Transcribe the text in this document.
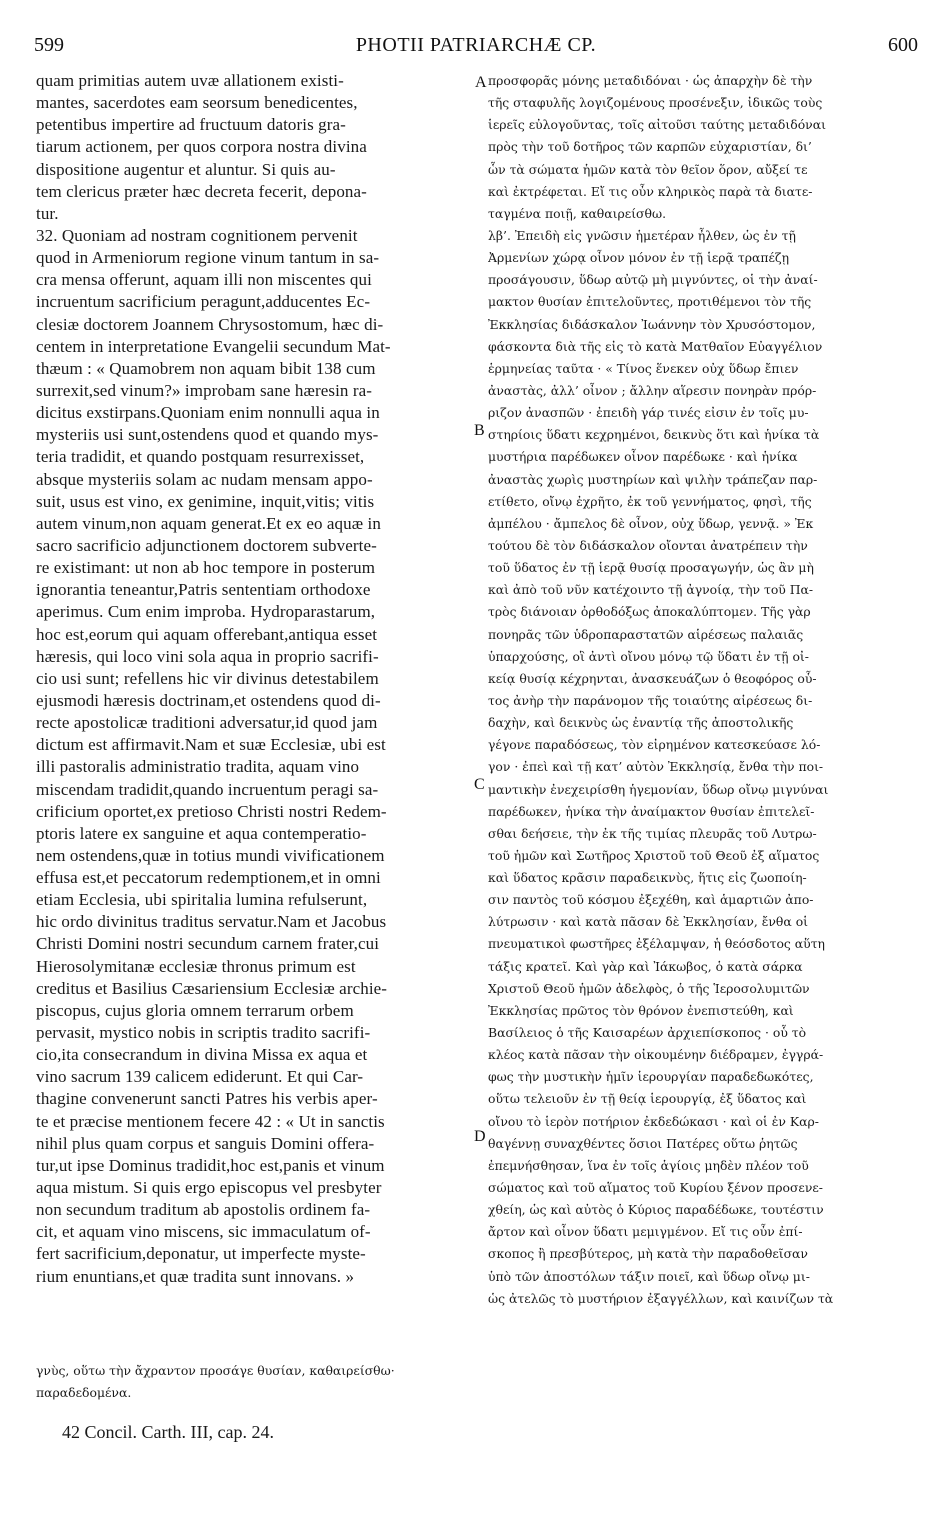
599	PHOTII PATRIARCHÆ CP.	600
quam primitias autem uvæ allationem existi-
mantes, sacerdotes eam seorsum benedicentes,
petentibus impertire ad fructuum datoris gra-
tiarum actionem, per quos corpora nostra divina
dispositione augentur et aluntur. Si quis au-
tem clericus præter hæc decreta fecerit, depona-
tur.
32. Quoniam ad nostram cognitionem pervenit
quod in Armeniorum regione vinum tantum in sa-
cra mensa offerunt, aquam illi non miscentes qui
incruentum sacrificium peragunt,adducentes Ec-
clesiæ doctorem Joannem Chrysostomum, hæc di-
centem in interpretatione Evangelii secundum Mat-
thæum : « Quamobrem non aquam bibit 138 cum
surrexit,sed vinum?» improbam sane hæresin ra-
dicitus exstirpans.Quoniam enim nonnulli aqua in
mysteriis usi sunt,ostendens quod et quando mys-
teria tradidit, et quando postquam resurrexisset,
absque mysteriis solam ac nudam mensam appo-
suit, usus est vino, ex genimine, inquit,vitis; vitis
autem vinum,non aquam generat.Et ex eo aquæ in
sacro sacrificio adjunctionem doctorem subverte-
re existimant: ut non ab hoc tempore in posterum
ignorantia teneantur,Patris sententiam orthodoxe
aperimus. Cum enim improba. Hydroparastarum,
hoc est,eorum qui aquam offerebant,antiqua esset
hæresis, qui loco vini sola aqua in proprio sacrifi-
cio usi sunt; refellens hic vir divinus detestabilem
ejusmodi hæresis doctrinam,et ostendens quod di-
recte apostolicæ traditioni adversatur,id quod jam
dictum est affirmavit.Nam et suæ Ecclesiæ, ubi est
illi pastoralis administratio tradita, aquam vino
miscendam tradidit,quando incruentum peragi sa-
crificium oportet,ex pretioso Christi nostri Redem-
ptoris latere ex sanguine et aqua contemperatio-
nem ostendens,quæ in totius mundi vivificationem
effusa est,et peccatorum redemptionem,et in omni
etiam Ecclesia, ubi spiritalia lumina refulserunt,
hic ordo divinitus traditus servatur.Nam et Jacobus
Christi Domini nostri secundum carnem frater,cui
Hierosolymitanæ ecclesiæ thronus primum est
creditus et Basilius Cæsariensium Ecclesiæ archie-
piscopus, cujus gloria omnem terrarum orbem
pervasit, mystico nobis in scriptis tradito sacrifi-
cio,ita consecrandum in divina Missa ex aqua et
vino sacrum 139 calicem ediderunt. Et qui Car-
thagine convenerunt sancti Patres his verbis aper-
te et præcise mentionem fecere 42 : « Ut in sanctis
nihil plus quam corpus et sanguis Domini offera-
tur,ut ipse Dominus tradidit,hoc est,panis et vinum
aqua mistum. Si quis ergo episcopus vel presbyter
non secundum traditum ab apostolis ordinem fa-
cit, et aquam vino miscens, sic immaculatum of-
fert sacrificium,deponatur, ut imperfecte myste-
rium enuntians,et quæ tradita sunt innovans. »
προσφορᾶς μόνης μεταδιδόναι · ὡς ἀπαρχὴν δὲ τὴν
τῆς σταφυλῆς λογιζομένους προσένεξιν, ἰδικῶς τοὺς
ἱερεῖς εὐλογοῦντας, τοῖς αἰτοῦσι ταύτης μεταδιδόναι
πρὸς τὴν τοῦ δοτῆρος τῶν καρπῶν εὐχαριστίαν, δι’
ὧν τὰ σώματα ἡμῶν κατὰ τὸν θεῖον ὅρον, αὔξεί τε
καὶ ἐκτρέφεται. Εἴ τις οὖν κληρικὸς παρὰ τὰ διατε-
ταγμένα ποιῇ, καθαιρείσθω.
λβ’. Ἐπειδὴ εἰς γνῶσιν ἡμετέραν ἦλθεν, ὡς ἐν τῇ
Ἀρμενίων χώρᾳ οἶνον μόνον ἐν τῇ ἱερᾷ τραπέζῃ
προσάγουσιν, ὕδωρ αὐτῷ μὴ μιγνύντες, οἱ τὴν ἀναί-
μακτον θυσίαν ἐπιτελοῦντες, προτιθέμενοι τὸν τῆς
Ἐκκλησίας διδάσκαλον Ἰωάννην τὸν Χρυσόστομον,
φάσκοντα διὰ τῆς εἰς τὸ κατὰ Ματθαῖον Εὐαγγέλιον
ἑρμηνείας ταῦτα · « Τίνος ἕνεκεν οὐχ ὕδωρ ἔπιεν
ἀναστὰς, ἀλλ’ οἶνον ; ἄλλην αἵρεσιν πονηρὰν πρόρ-
ριζον ἀνασπῶν · ἐπειδὴ γάρ τινές εἰσιν ἐν τοῖς μυ-
στηρίοις ὕδατι κεχρημένοι, δεικνὺς ὅτι καὶ ἡνίκα τὰ
μυστήρια παρέδωκεν οἶνον παρέδωκε · καὶ ἡνίκα
ἀναστὰς χωρὶς μυστηρίων καὶ ψιλὴν τράπεζαν παρ-
ετίθετο, οἴνῳ ἐχρῆτο, ἐκ τοῦ γεννήματος, φησὶ, τῆς
ἀμπέλου · ἄμπελος δὲ οἶνον, οὐχ ὕδωρ, γεννᾷ. » Ἐκ
τούτου δὲ τὸν διδάσκαλον οἴονται ἀνατρέπειν τὴν
τοῦ ὕδατος ἐν τῇ ἱερᾷ θυσίᾳ προσαγωγήν, ὡς ἂν μὴ
καὶ ἀπὸ τοῦ νῦν κατέχοιντο τῇ ἀγνοίᾳ, τὴν τοῦ Πα-
τρὸς διάνοιαν ὀρθοδόξως ἀποκαλύπτομεν. Τῆς γὰρ
πονηρᾶς τῶν ὑδροπαραστατῶν αἱρέσεως παλαιᾶς
ὑπαρχούσης, οἳ ἀντὶ οἴνου μόνῳ τῷ ὕδατι ἐν τῇ οἰ-
κείᾳ θυσίᾳ κέχρηνται, ἀνασκευάζων ὁ θεοφόρος οὗ-
τος ἀνὴρ τὴν παράνομον τῆς τοιαύτης αἱρέσεως δι-
δαχὴν, καὶ δεικνὺς ὡς ἐναντίᾳ τῆς ἀποστολικῆς
γέγονε παραδόσεως, τὸν εἰρημένον κατεσκεύασε λό-
γον · ἐπεὶ καὶ τῇ κατ’ αὐτὸν Ἐκκλησίᾳ, ἔνθα τὴν ποι-
μαντικὴν ἐνεχειρίσθη ἡγεμονίαν, ὕδωρ οἴνῳ μιγνύναι
παρέδωκεν, ἡνίκα τὴν ἀναίμακτον θυσίαν ἐπιτελεῖ-
σθαι δεήσειε, τὴν ἐκ τῆς τιμίας πλευρᾶς τοῦ Λυτρω-
τοῦ ἡμῶν καὶ Σωτῆρος Χριστοῦ τοῦ Θεοῦ ἐξ αἵματος
καὶ ὕδατος κρᾶσιν παραδεικνὺς, ἥτις εἰς ζωοποίη-
σιν παντὸς τοῦ κόσμου ἐξεχέθη, καὶ ἁμαρτιῶν ἀπο-
λύτρωσιν · καὶ κατὰ πᾶσαν δὲ Ἐκκλησίαν, ἔνθα οἱ
πνευματικοὶ φωστῆρες ἐξέλαμψαν, ἡ θεόσδοτος αὕτη
τάξις κρατεῖ. Καὶ γὰρ καὶ Ἰάκωβος, ὁ κατὰ σάρκα
Χριστοῦ Θεοῦ ἡμῶν ἀδελφὸς, ὁ τῆς Ἱεροσολυμιτῶν
Ἐκκλησίας πρῶτος τὸν θρόνον ἐνεπιστεύθη, καὶ
Βασίλειος ὁ τῆς Καισαρέων ἀρχιεπίσκοπος · οὗ τὸ
κλέος κατὰ πᾶσαν τὴν οἰκουμένην διέδραμεν, ἐγγρά-
φως τὴν μυστικὴν ἡμῖν ἱερουργίαν παραδεδωκότες,
οὕτω τελειοῦν ἐν τῇ θείᾳ ἱερουργίᾳ, ἐξ ὕδατος καὶ
οἴνου τὸ ἱερὸν ποτήριον ἐκδεδώκασι · καὶ οἱ ἐν Καρ-
θαγέννῃ συναχθέντες ὅσιοι Πατέρες οὕτω ῥητῶς
ἐπεμνήσθησαν, ἵνα ἐν τοῖς ἁγίοις μηδὲν πλέον τοῦ
σώματος καὶ τοῦ αἵματος τοῦ Κυρίου ξένον προσενε-
χθείη, ὡς καὶ αὐτὸς ὁ Κύριος παραδέδωκε, τουτέστιν
ἄρτον καὶ οἶνον ὕδατι μεμιγμένον. Εἴ τις οὖν ἐπί-
σκοπος ἢ πρεσβύτερος, μὴ κατὰ τὴν παραδοθεῖσαν
ὑπὸ τῶν ἀποστόλων τάξιν ποιεῖ, καὶ ὕδωρ οἴνῳ μι-
ὡς ἀτελῶς τὸ μυστήριον ἐξαγγέλλων, καὶ καινίζων τὰ
A
B
C
D
γνὺς, οὕτω τὴν ἄχραντον προσάγε θυσίαν, καθαιρείσθω·
παραδεδομένα.
42 Concil. Carth. III, cap. 24.
